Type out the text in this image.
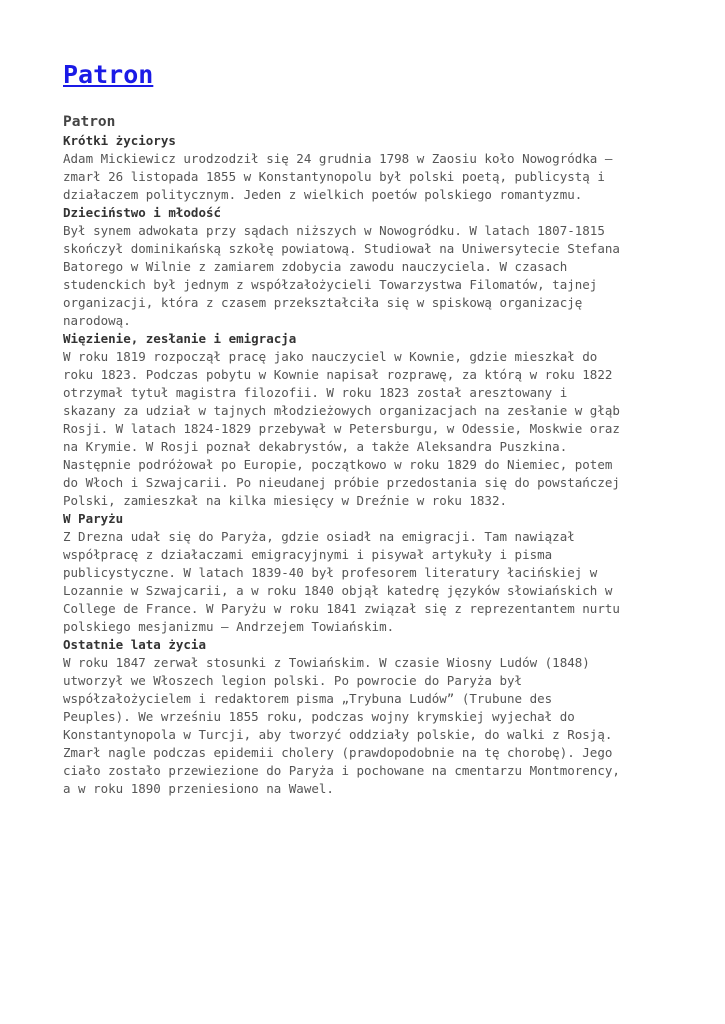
Patron
Patron
Krótki życiorys

Adam Mickiewicz urodzodził się 24 grudnia 1798 w Zaosiu koło Nowogródka –
zmarł 26 listopada 1855 w Konstantynopolu był polski poetą, publicystą i
działaczem politycznym. Jeden z wielkich poetów polskiego romantyzmu.

Dzieciństwo i młodość

Był synem adwokata przy sądach niższych w Nowogródku. W latach 1807-1815
skończył dominikańską szkołę powiatową. Studiował na Uniwersytecie Stefana
Batorego w Wilnie z zamiarem zdobycia zawodu nauczyciela. W czasach
studenckich był jednym z współzałożycieli Towarzystwa Filomatów, tajnej
organizacji, która z czasem przekształciła się w spiskową organizację
narodową.

Więzienie, zesłanie i emigracja

W roku 1819 rozpoczął pracę jako nauczyciel w Kownie, gdzie mieszkał do
roku 1823. Podczas pobytu w Kownie napisał rozprawę, za którą w roku 1822
otrzymał tytuł magistra filozofii. W roku 1823 został aresztowany i
skazany za udział w tajnych młodzieżowych organizacjach na zesłanie w głąb
Rosji. W latach 1824-1829 przebywał w Petersburgu, w Odessie, Moskwie oraz
na Krymie. W Rosji poznał dekabrystów, a także Aleksandra Puszkina.
Następnie podróżował po Europie, początkowo w roku 1829 do Niemiec, potem
do Włoch i Szwajcarii. Po nieudanej próbie przedostania się do powstańczej
Polski, zamieszkał na kilka miesięcy w Dreźnie w roku 1832.

W Paryżu

Z Drezna udał się do Paryża, gdzie osiadł na emigracji. Tam nawiązał
współpracę z działaczami emigracyjnymi i pisywał artykuły i pisma
publicystyczne. W latach 1839-40 był profesorem literatury łacińskiej w
Lozannie w Szwajcarii, a w roku 1840 objął katedrę języków słowiańskich w
College de France. W Paryżu w roku 1841 związał się z reprezentantem nurtu
polskiego mesjanizmu – Andrzejem Towiańskim.

Ostatnie lata życia

W roku 1847 zerwał stosunki z Towiańskim. W czasie Wiosny Ludów (1848)
utworzył we Włoszech legion polski. Po powrocie do Paryża był
współzałożycielem i redaktorem pisma „Trybuna Ludów” (Trubune des
Peuples). We wrześniu 1855 roku, podczas wojny krymskiej wyjechał do
Konstantynopola w Turcji, aby tworzyć oddziały polskie, do walki z Rosją.
Zmarł nagle podczas epidemii cholery (prawdopodobnie na tę chorobę). Jego
ciało zostało przewiezione do Paryża i pochowane na cmentarzu Montmorency,
a w roku 1890 przeniesiono na Wawel.
